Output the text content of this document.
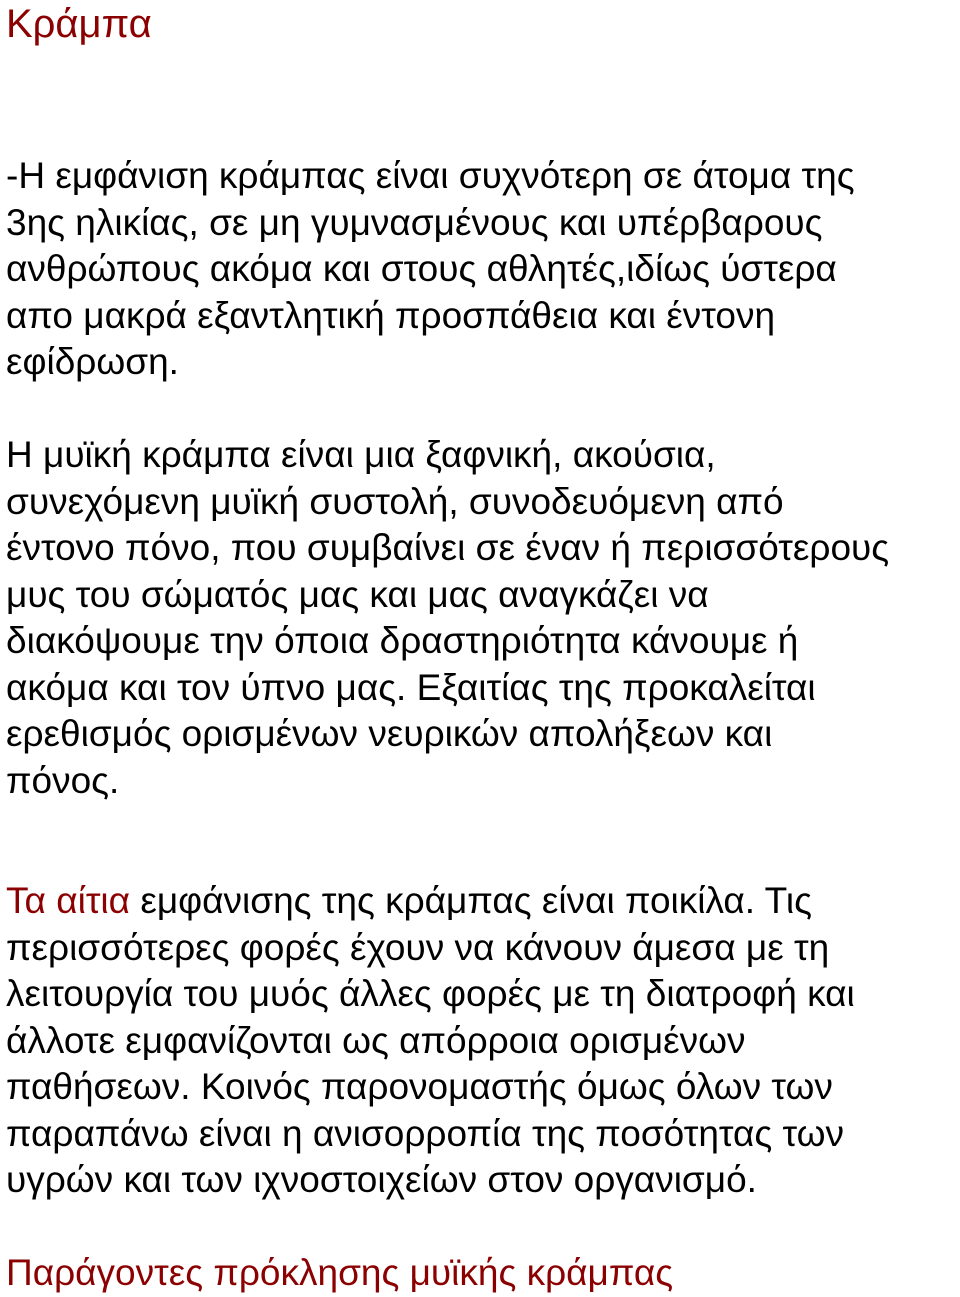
Κράμπα
-Η εμφάνιση κράμπας είναι συχνότερη σε άτομα της
3ης ηλικίας, σε μη γυμνασμένους και υπέρβαρους
ανθρώπους ακόμα και στους αθλητές,ιδίως ύστερα
απο μακρά εξαντλητική προσπάθεια και έντονη
εφίδρωση.
Η μυϊκή κράμπα είναι μια ξαφνική, ακούσια,
συνεχόμενη μυϊκή συστολή, συνοδευόμενη από
έντονο πόνο, που συμβαίνει σε έναν ή περισσότερους
μυς του σώματός μας και μας αναγκάζει να
διακόψουμε την όποια δραστηριότητα κάνουμε ή
ακόμα και τον ύπνο μας. Εξαιτίας της προκαλείται
ερεθισμός ορισμένων νευρικών απολήξεων και
πόνος.
Τα αίτια εμφάνισης της κράμπας είναι ποικίλα. Τις
περισσότερες φορές έχουν να κάνουν άμεσα με τη
λειτουργία του μυός άλλες φορές με τη διατροφή και
άλλοτε εμφανίζονται ως απόρροια ορισμένων
παθήσεων. Κοινός παρονομαστής όμως όλων των
παραπάνω είναι η ανισορροπία της ποσότητας των
υγρών και των ιχνοστοιχείων στον οργανισμό.
Παράγοντες πρόκλησης μυϊκής κράμπας
